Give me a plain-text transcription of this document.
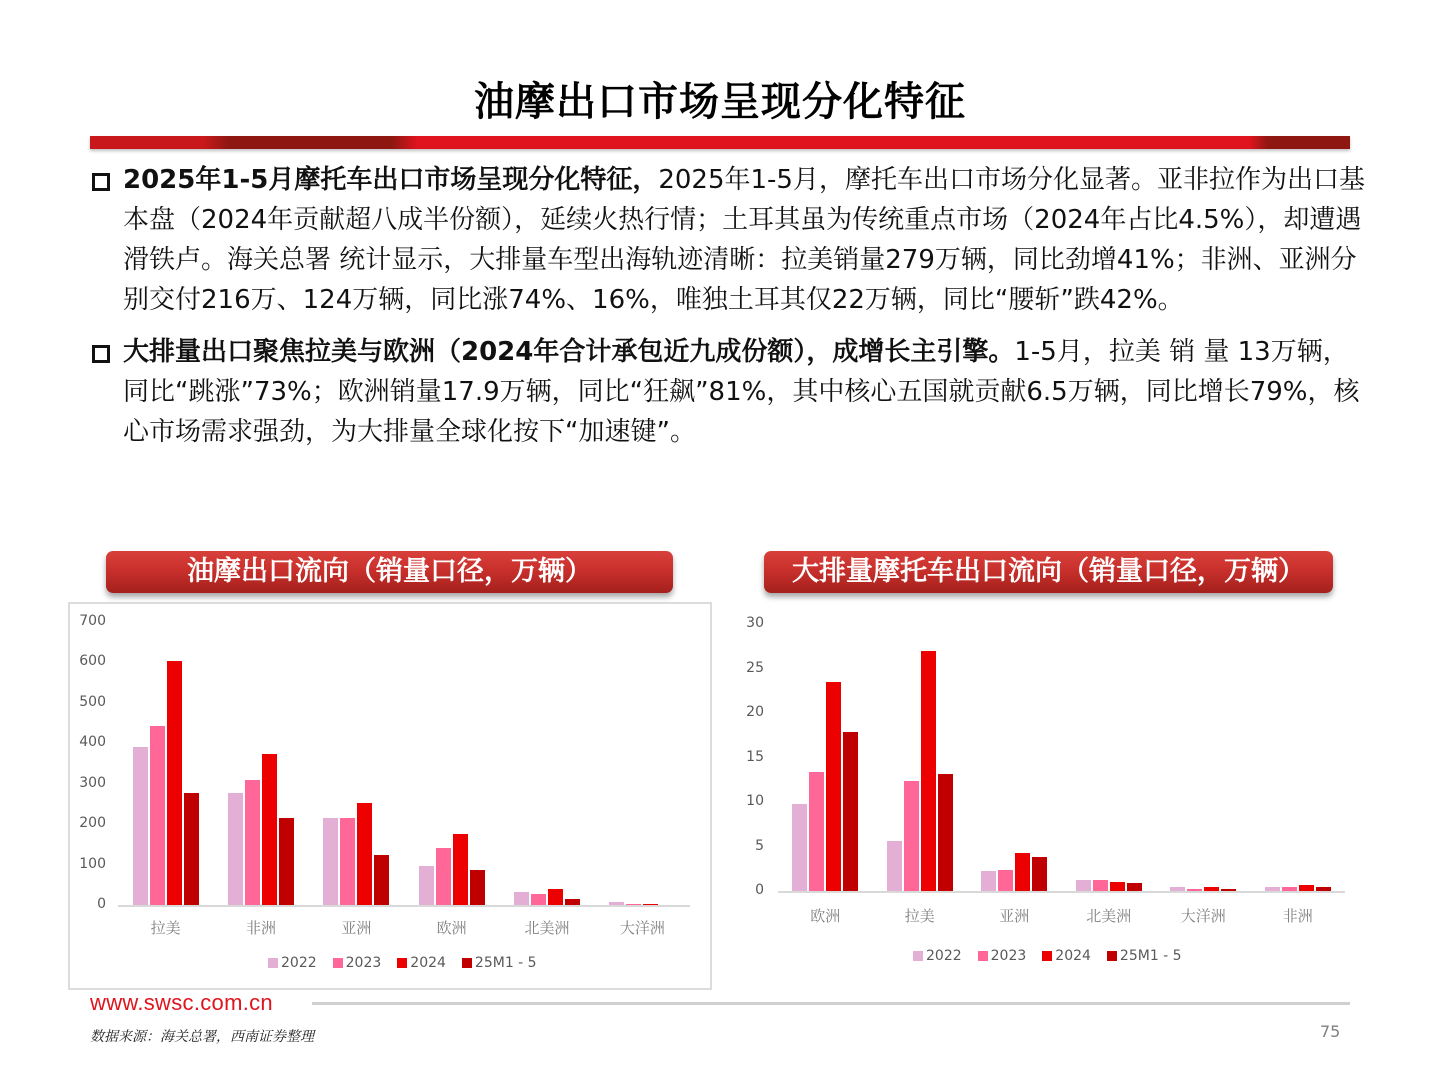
油摩出口市场呈现分化特征
2025年1-5月摩托车出口市场呈现分化特征，2025年1-5月，摩托车出口市场分化显著。亚非拉作为出口基本盘（2024年贡献超八成半份额），延续火热行情；土耳其虽为传统重点市场（2024年占比4.5%），却遭遇滑铁卢。海关总署 统计显示，大排量车型出海轨迹清晰：拉美销量279万辆，同比劲增41%；非洲、亚洲分别交付216万、124万辆，同比涨74%、16%，唯独土耳其仅22万辆，同比“腰斩”跌42%。
大排量出口聚焦拉美与欧洲（2024年合计承包近九成份额），成增长主引擎。1-5月，拉美 销 量 13万辆，同比“跳涨”73%；欧洲销量17.9万辆，同比“狂飙”81%，其中核心五国就贡献6.5万辆，同比增长79%，核心市场需求强劲，为大排量全球化按下“加速键”。
油摩出口流向（销量口径，万辆）
0
100
200
300
400
500
600
700
拉美	非洲	亚洲	欧洲	北美洲	大洋洲
2022 2023 2024 25M1 - 5
大排量摩托车出口流向（销量口径，万辆）
0
5
10
15
20
25
30
欧洲	拉美	亚洲	北美洲	大洋洲	非洲
2022 2023 2024 25M1 - 5
www.swsc.com.cn
数据来源：海关总署，西南证券整理	75
